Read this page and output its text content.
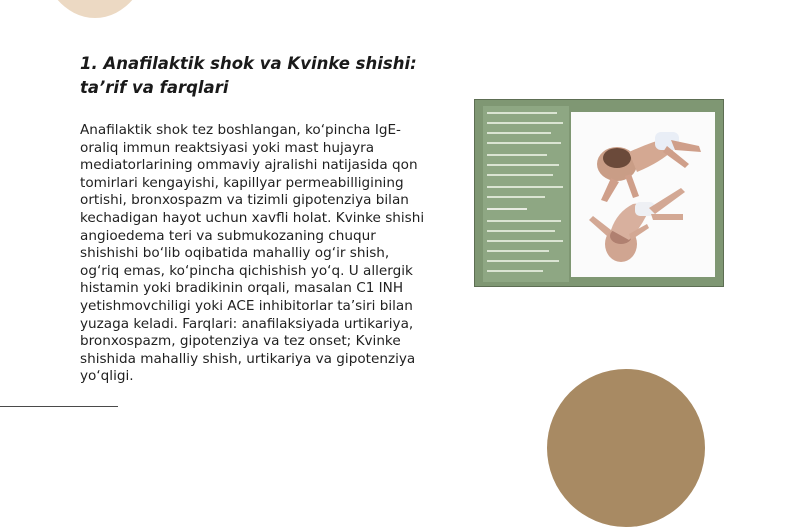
1. Anafilaktik shok va Kvinke shishi: ta’rif va farqlari

Anafilaktik shok tez boshlangan, ko‘pincha IgE-oraliq immun reaktsiyasi yoki mast hujayra mediatorlarining ommaviy ajralishi natijasida qon tomirlari kengayishi, kapillyar permeabilligining ortishi, bronxospazm va tizimli gipotenziya bilan kechadigan hayot uchun xavfli holat. Kvinke shishi angioedema teri va submukozaning chuqur shishishi bo‘lib oqibatida mahalliy og‘ir shish, og‘riq emas, ko‘pincha qichishish yo‘q. U allergik histamin yoki bradikinin orqali, masalan C1 INH yetishmovchiligi yoki ACE inhibitorlar ta’siri bilan yuzaga keladi. Farqlari: anafilaksiyada urtikariya, bronxospazm, gipotenziya va tez onset; Kvinke shishida mahalliy shish, urtikariya va gipotenziya yo‘qligi.
